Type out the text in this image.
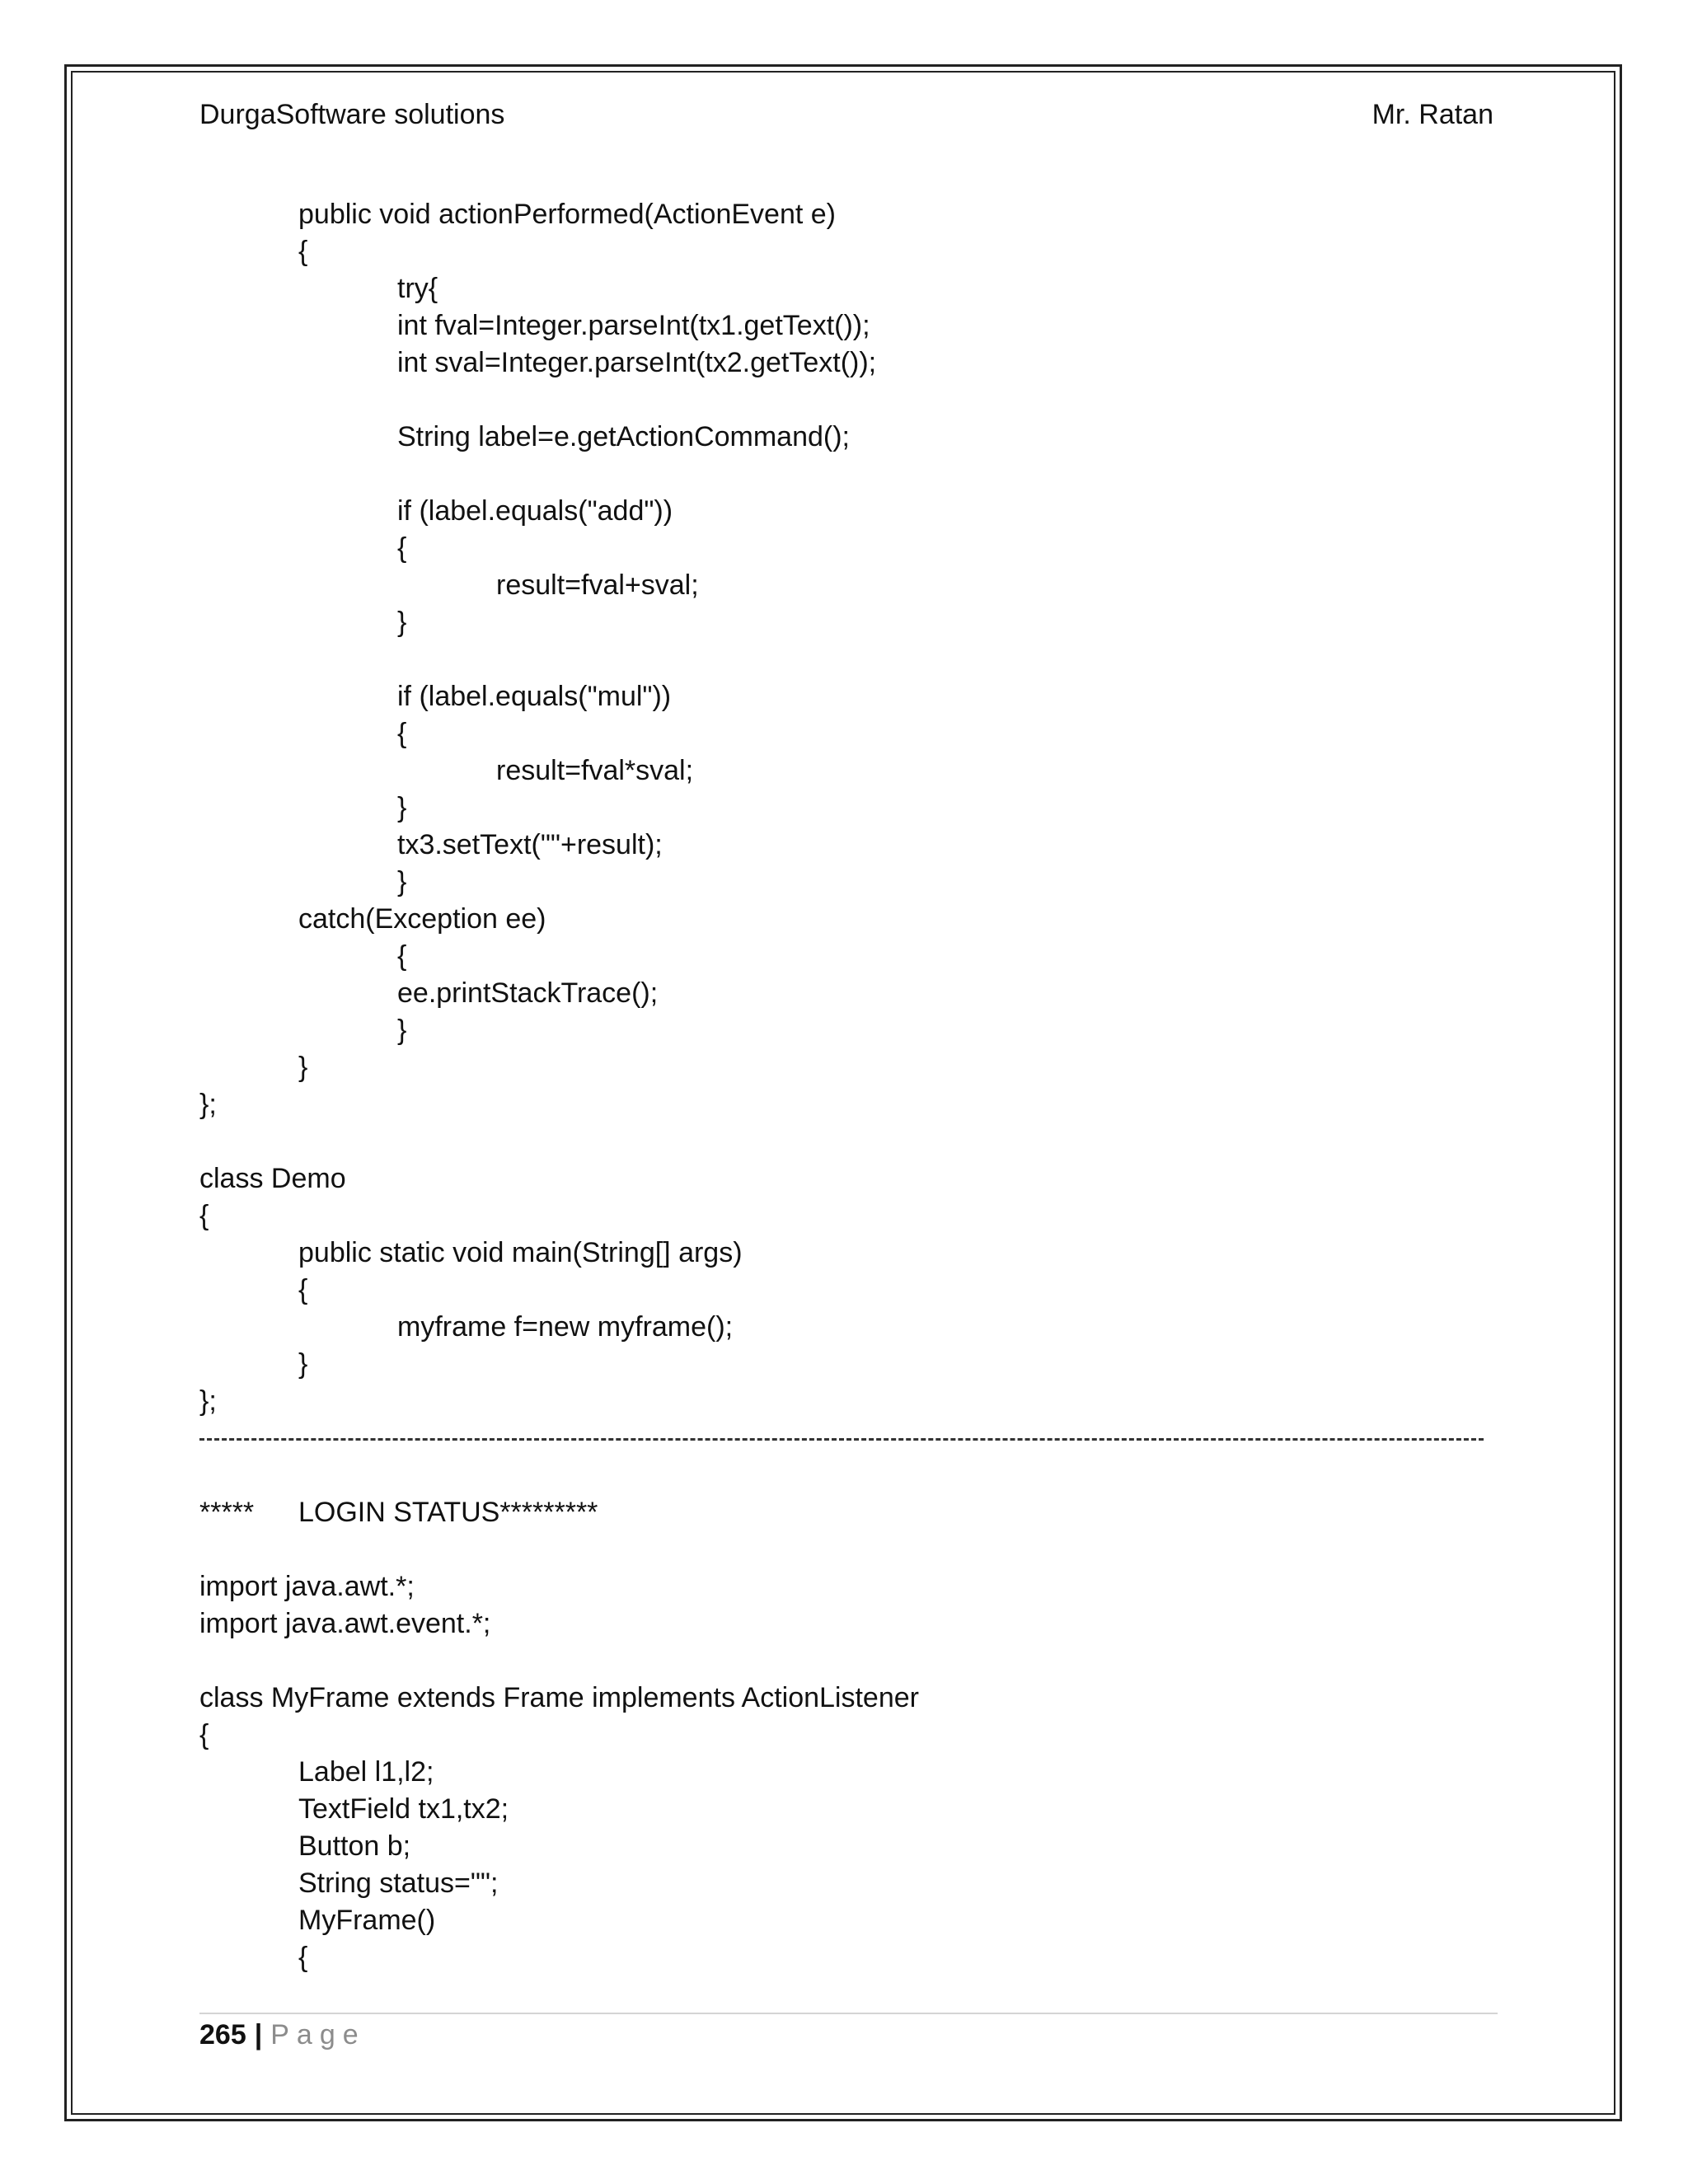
DurgaSoftware solutions	Mr. Ratan
public void actionPerformed(ActionEvent e)
{
try{
int fval=Integer.parseInt(tx1.getText());
int sval=Integer.parseInt(tx2.getText());
String label=e.getActionCommand();
if (label.equals("add"))
{
result=fval+sval;
}
if (label.equals("mul"))
{
result=fval*sval;
}
tx3.setText(""+result);
}
catch(Exception ee)
{
ee.printStackTrace();
}
}
};
class Demo
{
public static void main(String[] args)
{
myframe f=new myframe();
}
};
***** LOGIN STATUS*********
import java.awt.*;
import java.awt.event.*;
class MyFrame extends Frame implements ActionListener
{
Label l1,l2;
TextField tx1,tx2;
Button b;
String status="";
MyFrame()
{
265 | Page
